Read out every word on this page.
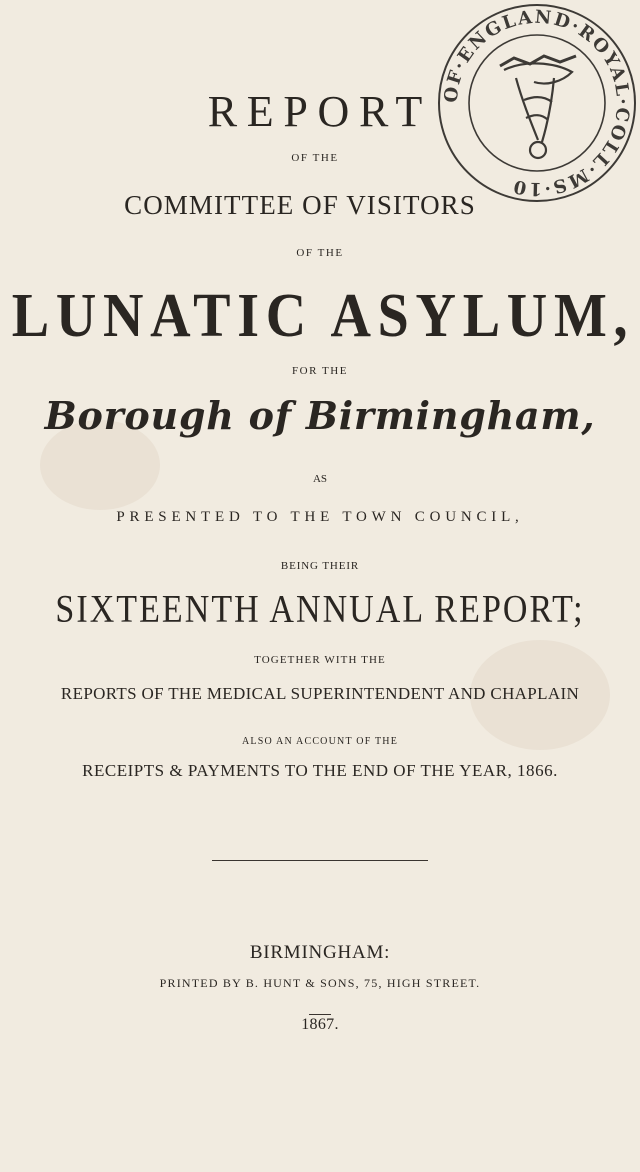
REPORT
OF THE
COMMITTEE OF VISITORS
OF THE
LUNATIC ASYLUM,
FOR THE
Borough of Birmingham,
AS
PRESENTED TO THE TOWN COUNCIL,
BEING THEIR
SIXTEENTH ANNUAL REPORT;
TOGETHER WITH THE
REPORTS OF THE MEDICAL SUPERINTENDENT AND CHAPLAIN
ALSO AN ACCOUNT OF THE
RECEIPTS & PAYMENTS TO THE END OF THE YEAR, 1866.
BIRMINGHAM:
PRINTED BY B. HUNT & SONS, 75, HIGH STREET.
1867.
OF·ENGLAND·ROYAL·COLL·MS·10
